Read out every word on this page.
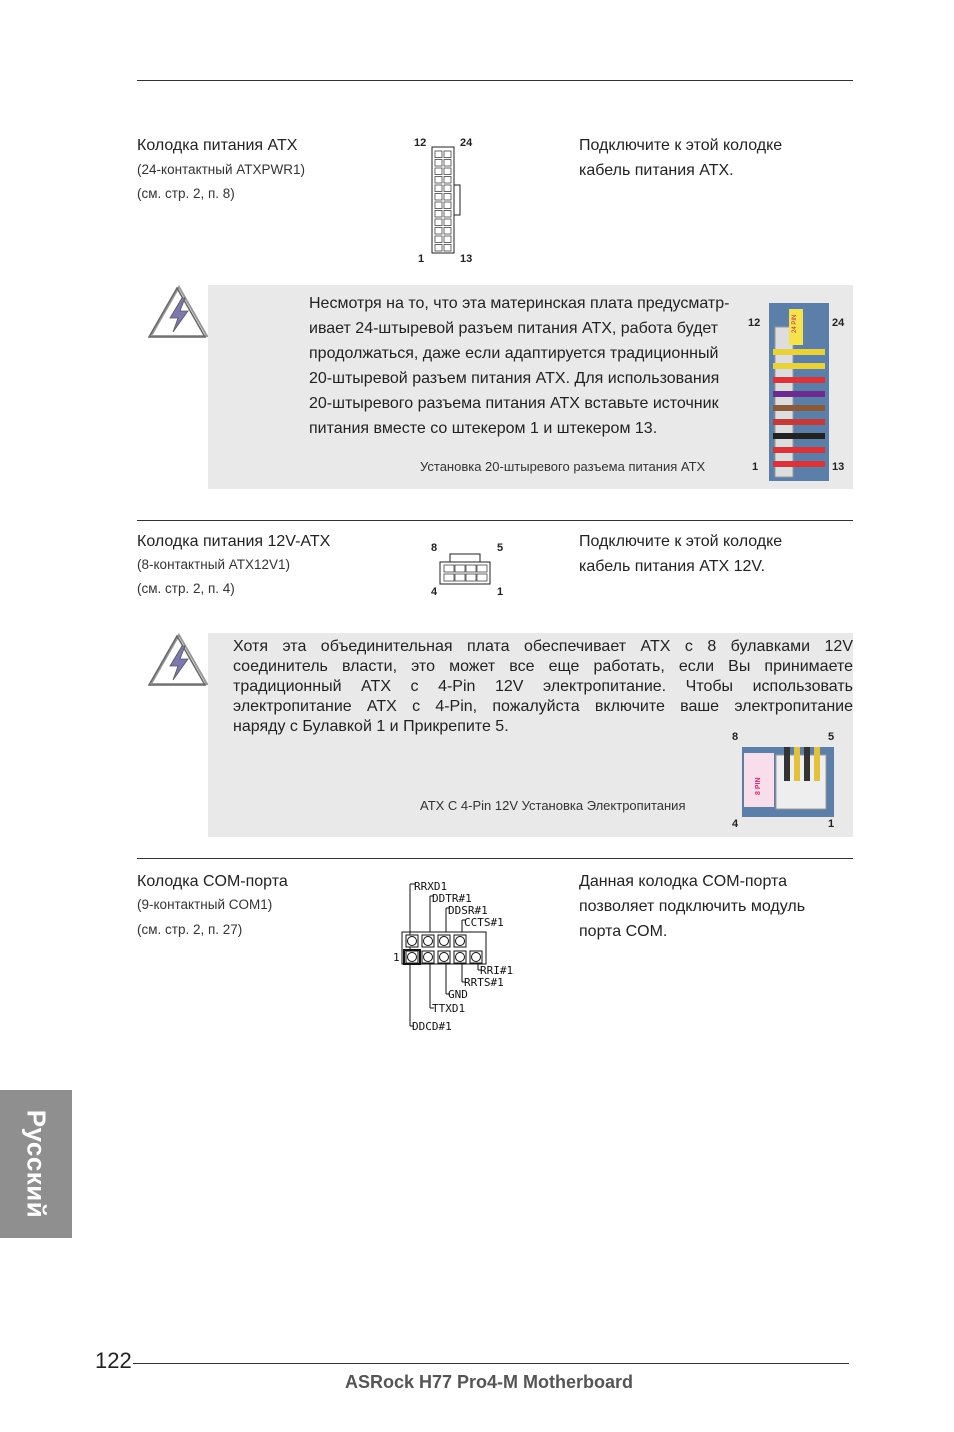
Колодка питания ATX
(24-контактный ATXPWR1)
(см. стр. 2, п. 8)
Подключите к этой колодке
кабель питания ATX.
12	24
1	13
Несмотря на то, что эта материнская плата предусматр-
ивает 24-штыревой разъем питания ATX, работа будет
продолжаться, даже если адаптируется традиционный
20-штыревой разъем питания ATX. Для использования
20-штыревого разъема питания ATX вставьте источник
питания вместе со штекером 1 и штекером 13.
Установка 20-штыревого разъема питания ATX
12	24
1	13
24 PIN
Колодка питания 12V-ATX
(8-контактный ATX12V1)
(см. стр. 2, п. 4)
Подключите к этой колодке
кабель питания ATX 12V.
8	5
4	1
Хотя эта объединительная плата обеспечивает ATX с 8 булавками 12V
соединитель власти, это может все еще работать, если Вы принимаете
традиционный ATX с 4-Pin 12V электропитание. Чтобы использовать
электропитание ATX с 4-Pin, пожалуйста включите ваше электропитание
наряду с Булавкой 1 и Прикрепите 5.
ATX С 4-Pin 12V Установка Электропитания
8	5
4	1
8 PIN
Колодка COM-порта
(9-контактный COM1)
(см. стр. 2, п. 27)
Данная колодка COM-порта
позволяет подключить модуль
порта COM.
1
RRXD1
DDTR#1
DDSR#1
CCTS#1
RRI#1
RRTS#1
GND
TTXD1
DDCD#1
Русский
122
ASRock H77 Pro4-M Motherboard
